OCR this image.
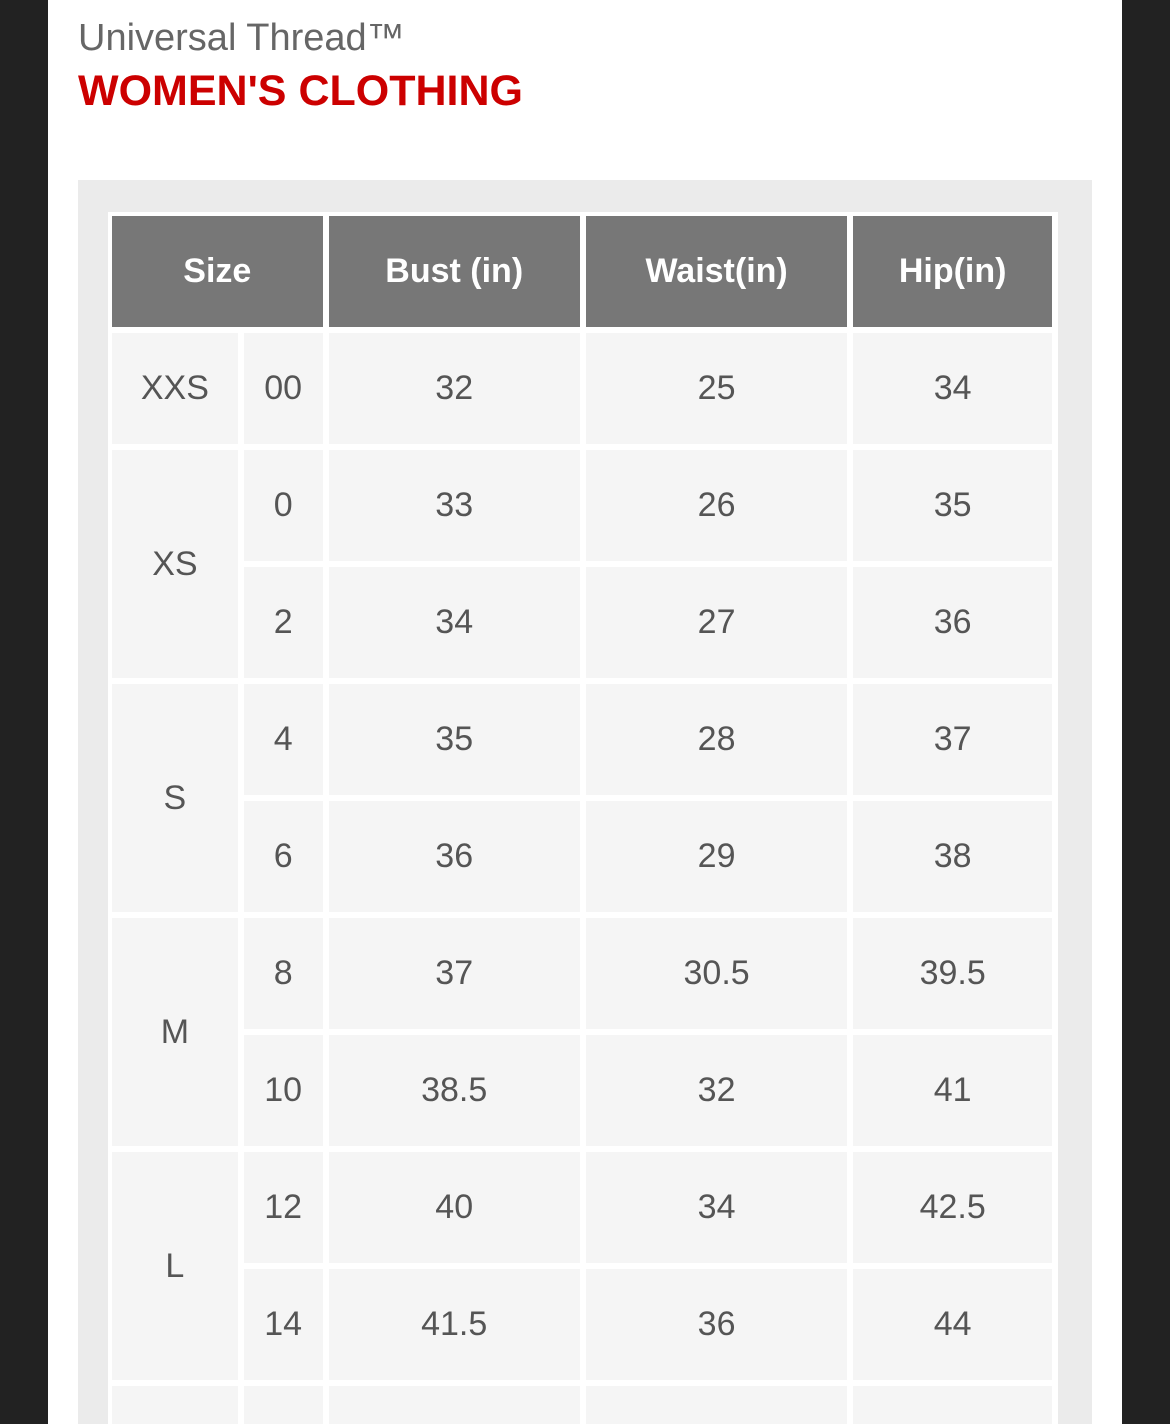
Universal Thread™
WOMEN'S CLOTHING
Size		Bust (in)	Waist(in)	Hip(in)
XXS	00	32	25	34
XS	0	33	26	35
	2	34	27	36
S	4	35	28	37
	6	36	29	38
M	8	37	30.5	39.5
	10	38.5	32	41
L	12	40	34	42.5
	14	41.5	36	44
